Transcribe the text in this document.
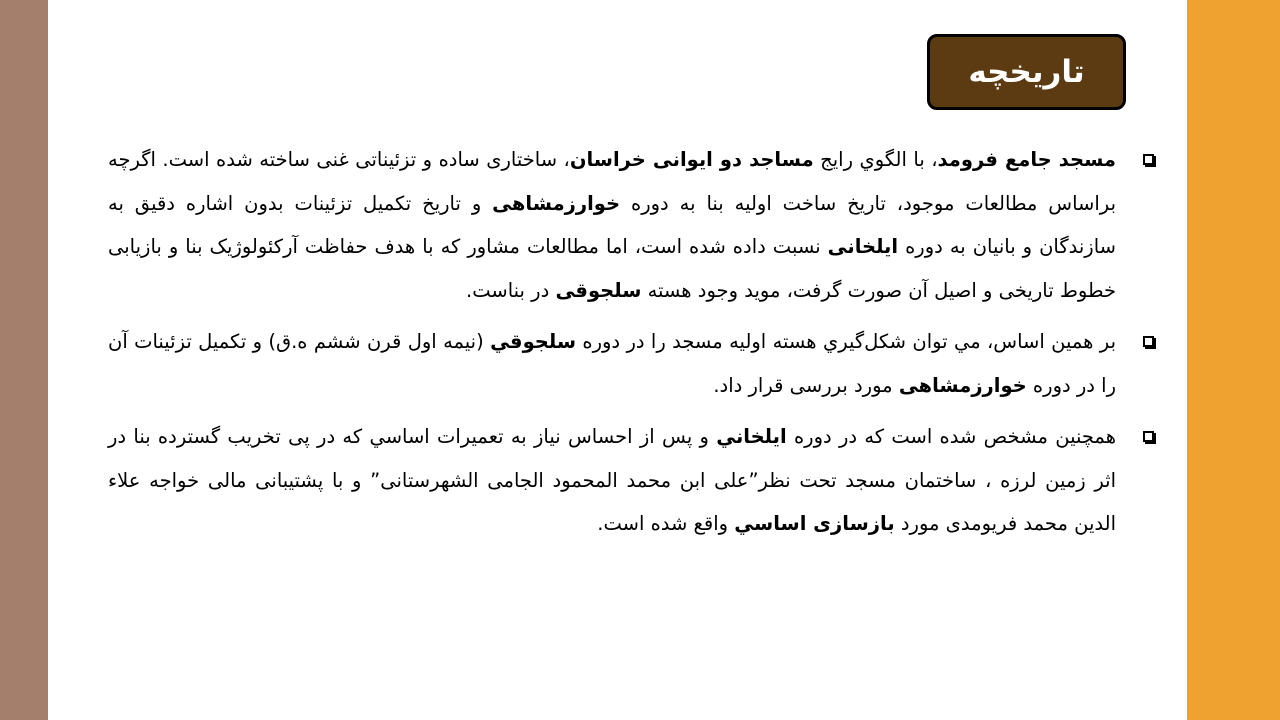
تاریخچه

مسجد جامع فرومد، با الگوي رايج مساجد دو ایوانی خراسان، ساختاری ساده و تزئیناتی غنی ساخته شده است. اگرچه براساس مطالعات موجود، تاریخ ساخت اولیه بنا به دوره خوارزمشاهی و تاریخ تکمیل تزئینات بدون اشاره دقیق به سازندگان و بانیان به دوره ایلخانی نسبت داده شده است، اما مطالعات مشاور که با هدف حفاظت آرکئولوژیک بنا و بازیابی خطوط تاریخی و اصیل آن صورت گرفت، موید وجود هسته سلجوقی در بناست.

بر همين اساس، مي توان شكل‌گيري هسته اوليه مسجد را در دوره سلجوقي (نيمه اول قرن ششم ه.ق) و تكميل تزئينات آن را در دوره خوارزمشاهی مورد بررسی قرار داد.

همچنين مشخص شده است که در دوره ايلخاني و پس از احساس نياز به تعميرات اساسي که در پی تخریب گسترده بنا در اثر زمین لرزه ، ساختمان مسجد تحت نظر”علی ابن محمد المحمود الجامی الشهرستانی” و با پشتیبانی مالی خواجه علاء الدین محمد فریومدی مورد بازسازی اساسي واقع شده است.
